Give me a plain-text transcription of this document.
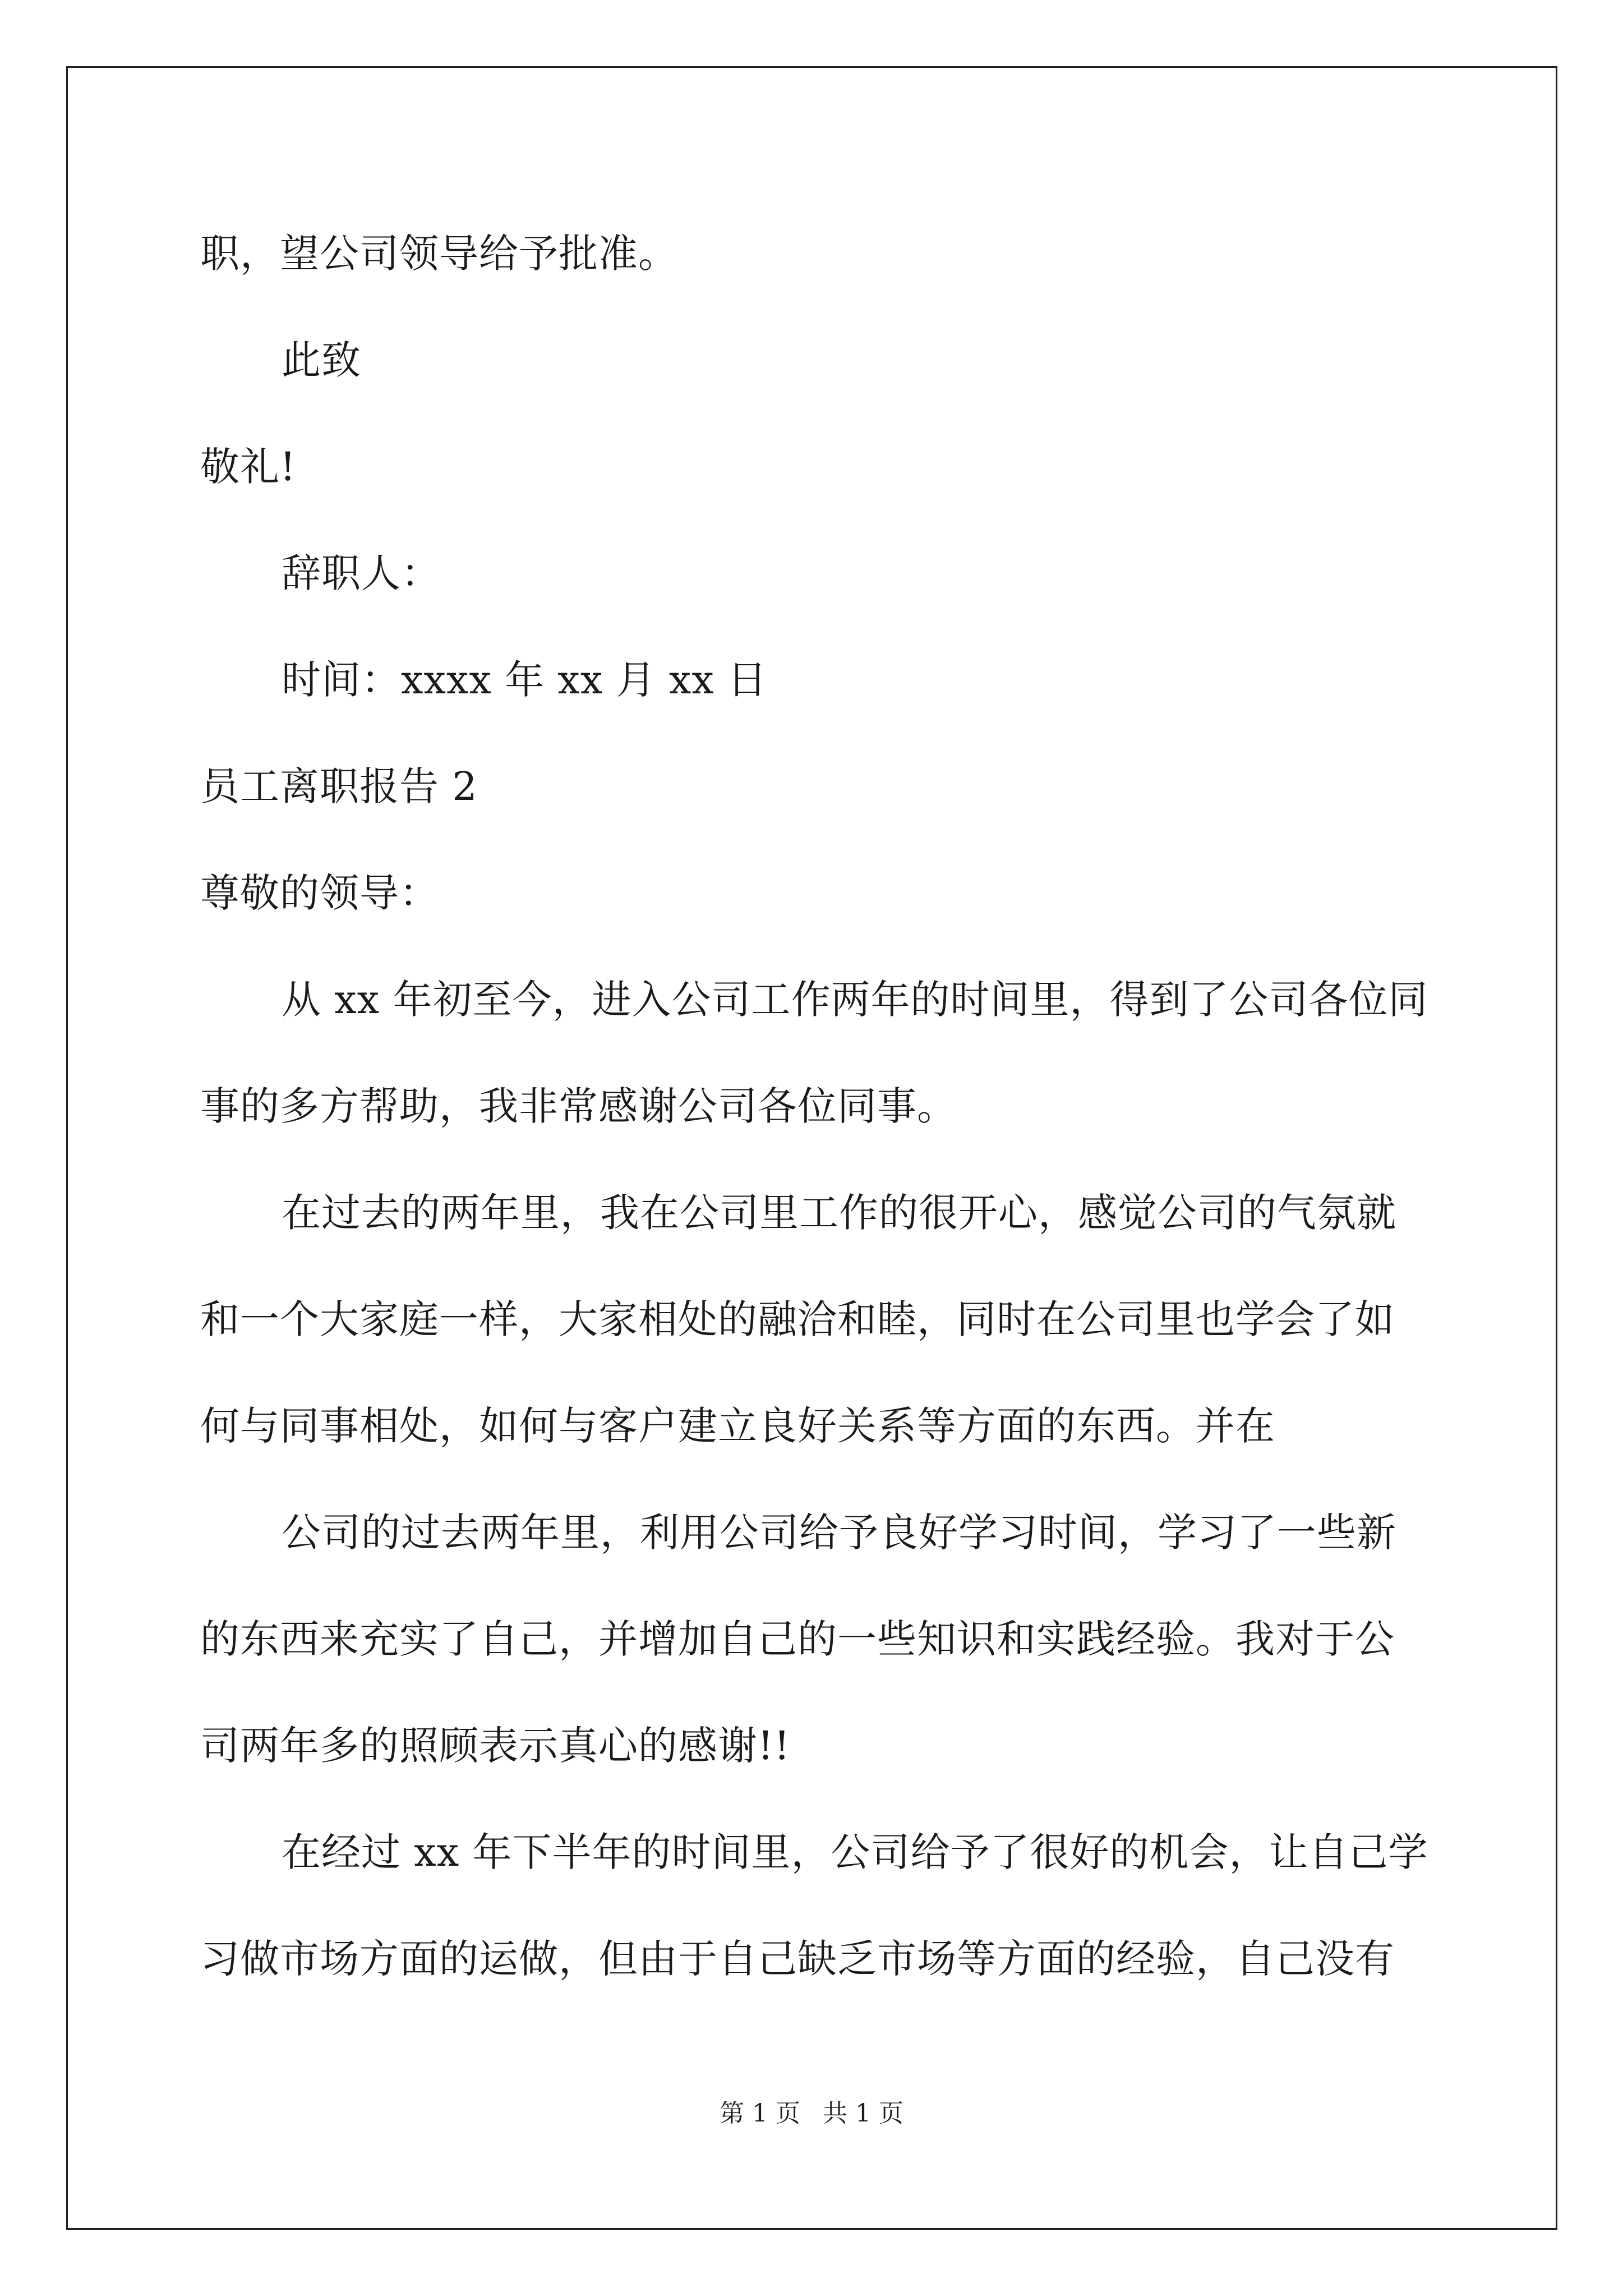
职，望公司领导给予批准。
此致
敬礼!
辞职人：
时间：xxxx 年 xx 月 xx 日
员工离职报告 2
尊敬的领导：
从 xx 年初至今，进入公司工作两年的时间里，得到了公司各位同
事的多方帮助，我非常感谢公司各位同事。
在过去的两年里，我在公司里工作的很开心，感觉公司的气氛就
和一个大家庭一样，大家相处的融洽和睦，同时在公司里也学会了如
何与同事相处，如何与客户建立良好关系等方面的东西。并在
公司的过去两年里，利用公司给予良好学习时间，学习了一些新
的东西来充实了自己，并增加自己的一些知识和实践经验。我对于公
司两年多的照顾表示真心的感谢!!
在经过 xx 年下半年的时间里，公司给予了很好的机会，让自己学
习做市场方面的运做，但由于自己缺乏市场等方面的经验，自己没有
第 1 页 共 1 页
